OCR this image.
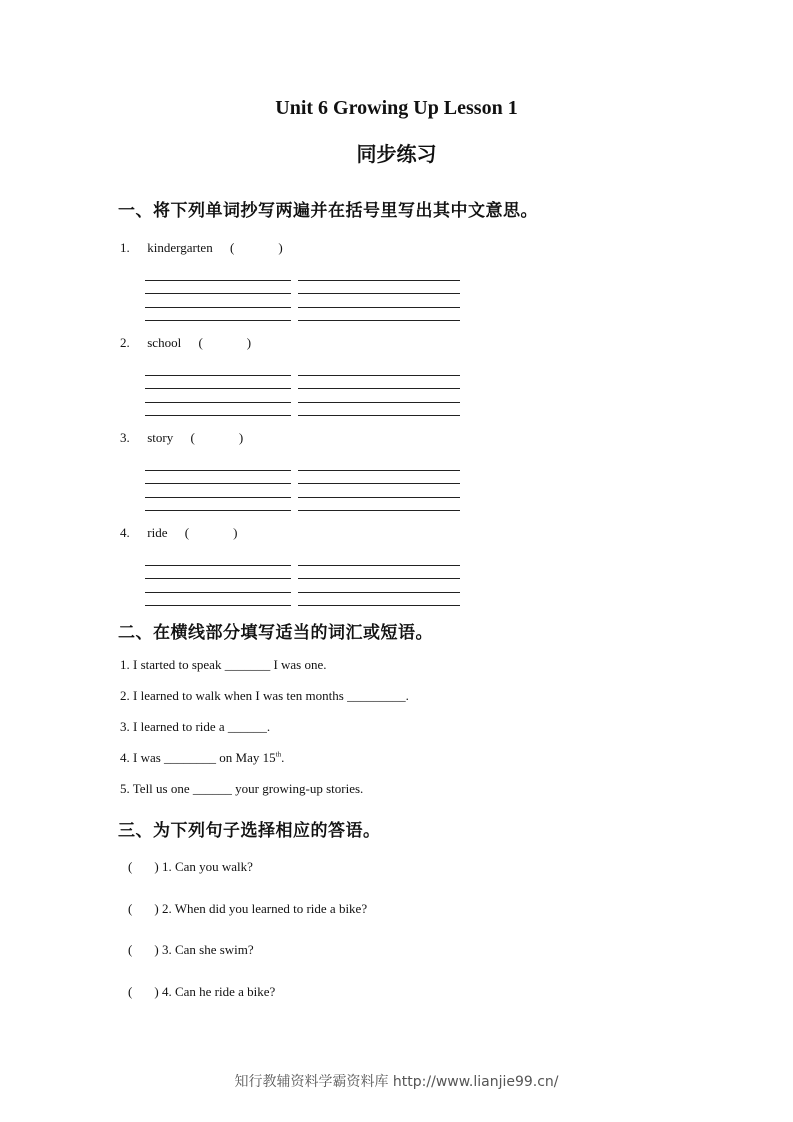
Unit 6 Growing Up Lesson 1
同步练习
一、将下列单词抄写两遍并在括号里写出其中文意思。
1. kindergarten (	)
2. school (	)
3. story (	)
4. ride (	)
二、在横线部分填写适当的词汇或短语。
1. I started to speak _______ I was one.
2. I learned to walk when I was ten months _________.
3. I learned to ride a ______.
4. I was ________ on May 15th.
5. Tell us one ______ your growing-up stories.
三、为下列句子选择相应的答语。
( ) 1. Can you walk?
( ) 2. When did you learned to ride a bike?
( ) 3. Can she swim?
( ) 4. Can he ride a bike?
知行教辅资料学霸资料库 http://www.lianjie99.cn/
